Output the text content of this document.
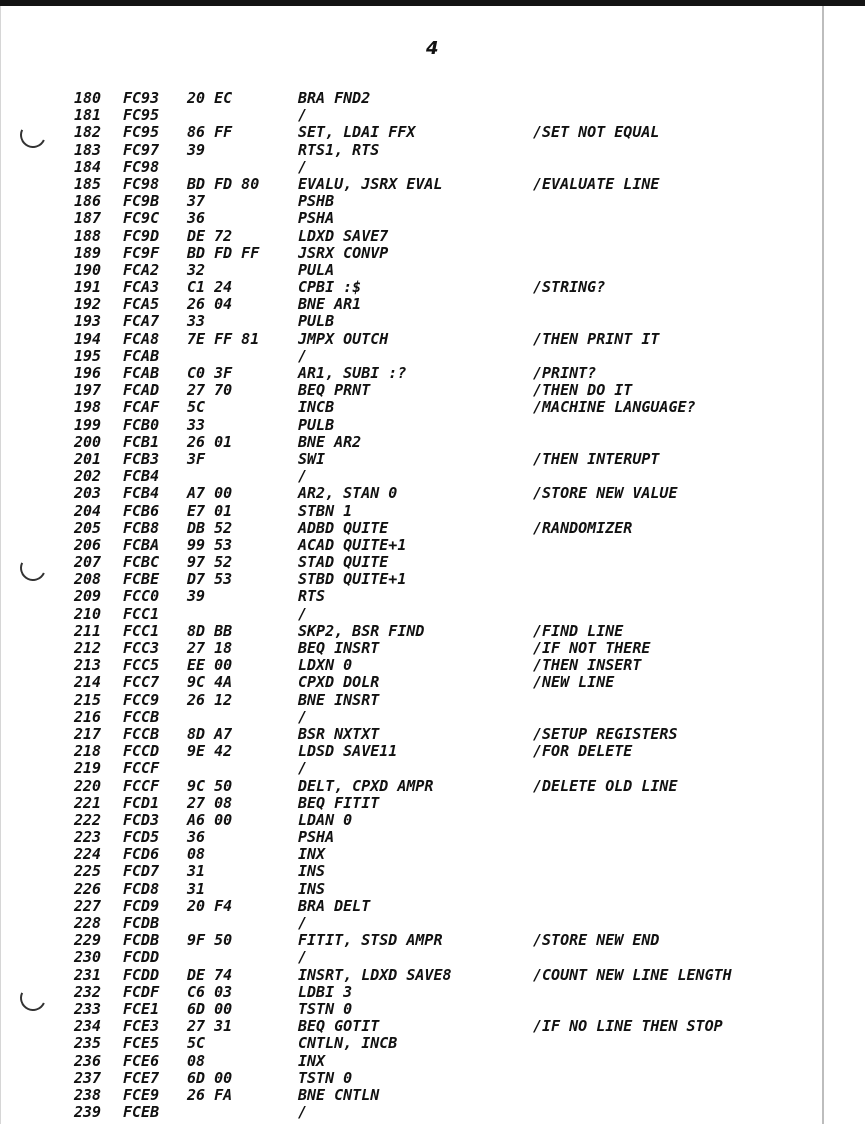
4
180 FC93 20 EC	BRA FND2
181 FC95	/
182 FC95 86 FF	SET, LDAI FFX	/SET NOT EQUAL
183 FC97 39	RTS1, RTS
184 FC98	/
185 FC98 BD FD 80	EVALU, JSRX EVAL	/EVALUATE LINE
186 FC9B 37	PSHB
187 FC9C 36	PSHA
188 FC9D DE 72	LDXD SAVE7
189 FC9F BD FD FF	JSRX CONVP
190 FCA2 32	PULA
191 FCA3 C1 24	CPBI :$	/STRING?
192 FCA5 26 04	BNE AR1
193 FCA7 33	PULB
194 FCA8 7E FF 81	JMPX OUTCH	/THEN PRINT IT
195 FCAB	/
196 FCAB C0 3F	AR1, SUBI :?	/PRINT?
197 FCAD 27 70	BEQ PRNT	/THEN DO IT
198 FCAF 5C	INCB	/MACHINE LANGUAGE?
199 FCB0 33	PULB
200 FCB1 26 01	BNE AR2
201 FCB3 3F	SWI	/THEN INTERUPT
202 FCB4	/
203 FCB4 A7 00	AR2, STAN 0	/STORE NEW VALUE
204 FCB6 E7 01	STBN 1
205 FCB8 DB 52	ADBD QUITE	/RANDOMIZER
206 FCBA 99 53	ACAD QUITE+1
207 FCBC 97 52	STAD QUITE
208 FCBE D7 53	STBD QUITE+1
209 FCC0 39	RTS
210 FCC1	/
211 FCC1 8D BB	SKP2, BSR FIND	/FIND LINE
212 FCC3 27 18	BEQ INSRT	/IF NOT THERE
213 FCC5 EE 00	LDXN 0	/THEN INSERT
214 FCC7 9C 4A	CPXD DOLR	/NEW LINE
215 FCC9 26 12	BNE INSRT
216 FCCB	/
217 FCCB 8D A7	BSR NXTXT	/SETUP REGISTERS
218 FCCD 9E 42	LDSD SAVE11	/FOR DELETE
219 FCCF	/
220 FCCF 9C 50	DELT, CPXD AMPR	/DELETE OLD LINE
221 FCD1 27 08	BEQ FITIT
222 FCD3 A6 00	LDAN 0
223 FCD5 36	PSHA
224 FCD6 08	INX
225 FCD7 31	INS
226 FCD8 31	INS
227 FCD9 20 F4	BRA DELT
228 FCDB	/
229 FCDB 9F 50	FITIT, STSD AMPR	/STORE NEW END
230 FCDD	/
231 FCDD DE 74	INSRT, LDXD SAVE8	/COUNT NEW LINE LENGTH
232 FCDF C6 03	LDBI 3
233 FCE1 6D 00	TSTN 0
234 FCE3 27 31	BEQ GOTIT	/IF NO LINE THEN STOP
235 FCE5 5C	CNTLN, INCB
236 FCE6 08	INX
237 FCE7 6D 00	TSTN 0
238 FCE9 26 FA	BNE CNTLN
239 FCEB	/
